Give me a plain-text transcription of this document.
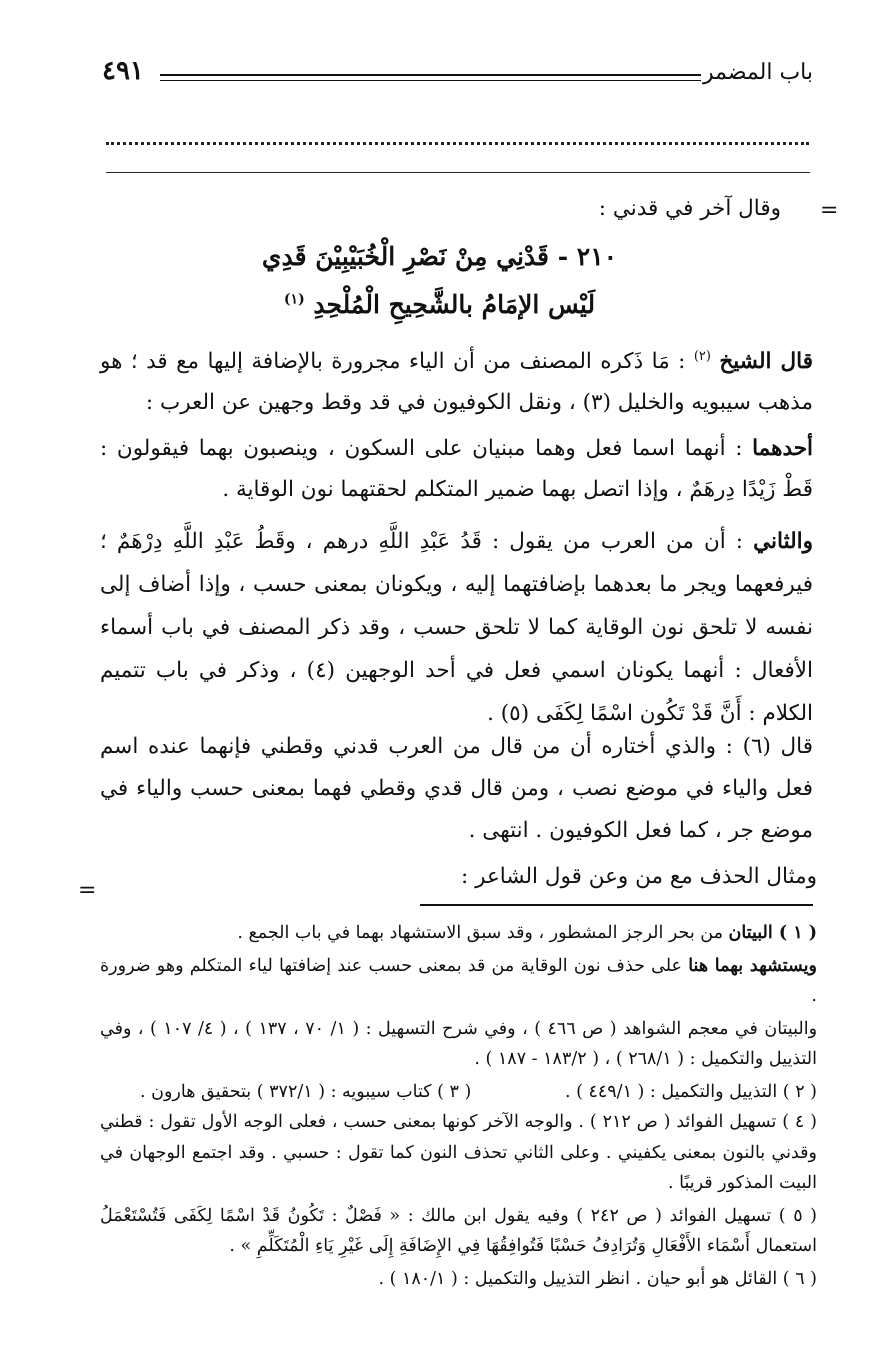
باب المضمر
٤٩١
=
وقال آخر في قدني :
٢١٠ - قَدْنِي مِنْ نَصْرِ الْخُبَيْبِيْنَ قَدِي
لَيْس الإمَامُ بالشَّحِيحِ الْمُلْحِدِ $^{(١)}$
قال الشيخ $^{(٢)}$ : مَا ذَكره المصنف من أن الياء مجرورة بالإضافة إليها مع قد ؛ هو مذهب سيبويه والخليل (٣) ، ونقل الكوفيون في قد وقط وجهين عن العرب :
أحدهما : أنهما اسما فعل وهما مبنيان على السكون ، وينصبون بهما فيقولون : قَطْ زَيْدًا دِرهَمٌ ، وإذا اتصل بهما ضمير المتكلم لحقتهما نون الوقاية .
والثاني : أن من العرب من يقول : قَدُ عَبْدِ اللَّهِ درهم ، وقَطُ عَبْدِ اللَّهِ دِرْهَمٌ ؛ فيرفعهما ويجر ما بعدهما بإضافتهما إليه ، ويكونان بمعنى حسب ، وإذا أضاف إلى نفسه لا تلحق نون الوقاية كما لا تلحق حسب ، وقد ذكر المصنف في باب أسماء الأفعال : أنهما يكونان اسمي فعل في أحد الوجهين (٤) ، وذكر في باب تتميم الكلام : أَنَّ قَدْ تَكُون اسْمًا لِكَفَى (٥) .
قال (٦) : والذي أختاره أن من قال من العرب قدني وقطني فإنهما عنده اسم فعل والياء في موضع نصب ، ومن قال قدي وقطي فهما بمعنى حسب والياء في موضع جر ، كما فعل الكوفيون . انتهى .
ومثال الحذف مع من وعن قول الشاعر :
=

( ١ ) البيتان من بحر الرجز المشطور ، وقد سبق الاستشهاد بهما في باب الجمع .

ويستشهد بهما هنا على حذف نون الوقاية من قد بمعنى حسب عند إضافتها لياء المتكلم وهو ضرورة .

والبيتان في معجم الشواهد ( ص ٤٦٦ ) ، وفي شرح التسهيل : ( ١/ ٧٠ ، ١٣٧ ) ، ( ٤/ ١٠٧ ) ، وفي التذييل والتكميل : ( ٢٦٨/١ ) ، ( ١٨٣/٢ - ١٨٧ ) .

( ٢ ) التذييل والتكميل : ( ٤٤٩/١ ) .
( ٣ ) كتاب سيبويه : ( ٣٧٢/١ ) بتحقيق هارون .

( ٤ ) تسهيل الفوائد ( ص ٢١٢ ) . والوجه الآخر كونها بمعنى حسب ، فعلى الوجه الأول تقول : قطني وقدني بالنون بمعنى يكفيني . وعلى الثاني تحذف النون كما تقول : حسبي . وقد اجتمع الوجهان في البيت المذكور قريبًا .

( ٥ ) تسهيل الفوائد ( ص ٢٤٢ ) وفيه يقول ابن مالك : « فَصْلٌ : تَكُونُ قَدْ اسْمًا لِكَفَى فَتُسْتَعْمَلُ استعمال أَسْمَاء الأَفْعَالِ وَتُرَادِفُ حَسْبًا فَتُوافِقُهَا فِي الإِضَافَةِ إِلَى غَيْرِ يَاءِ الْمُتَكَلِّمِ » .

( ٦ ) القائل هو أبو حيان . انظر التذييل والتكميل : ( ١٨٠/١ ) .
